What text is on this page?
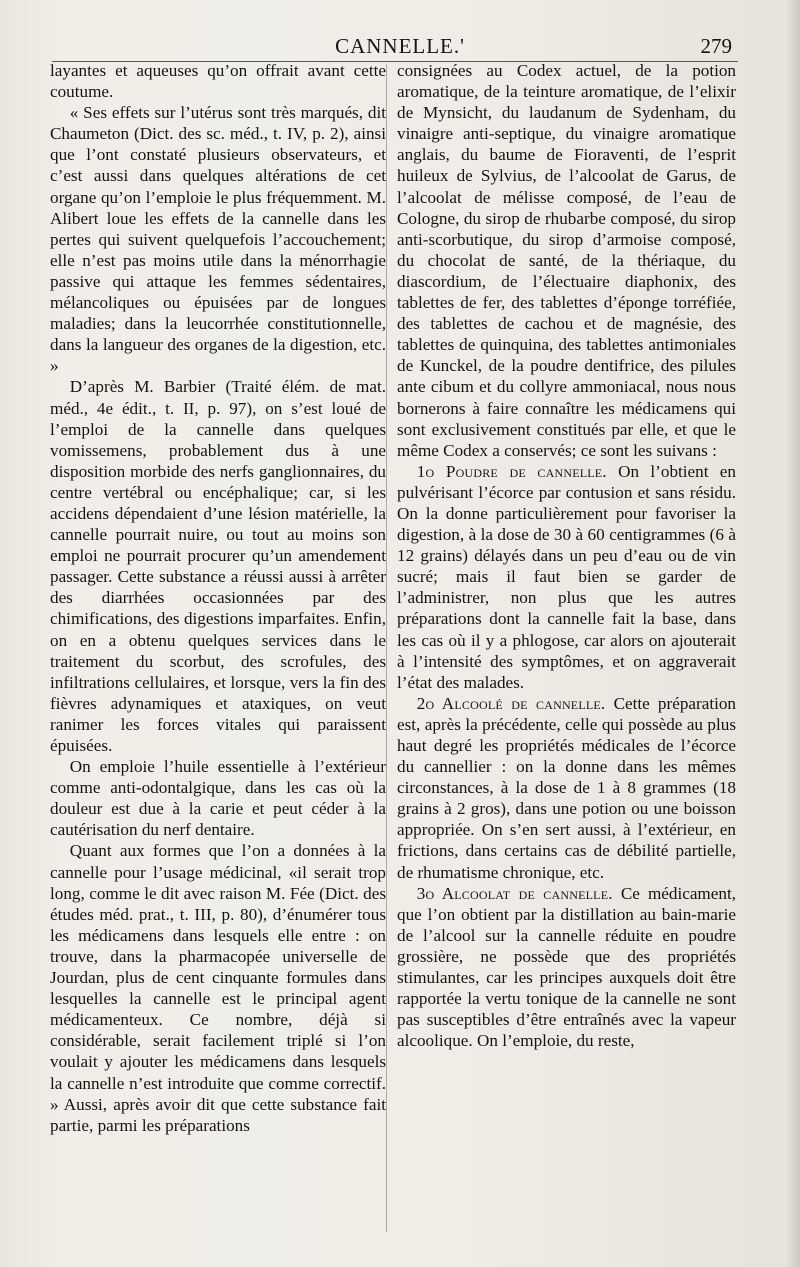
CANNELLE.'	279

layantes et aqueuses qu’on offrait avant cette coutume.

« Ses effets sur l’utérus sont très marqués, dit Chaumeton (Dict. des sc. méd., t. IV, p. 2), ainsi que l’ont constaté plusieurs observateurs, et c’est aussi dans quelques altérations de cet organe qu’on l’emploie le plus fréquemment. M. Alibert loue les effets de la cannelle dans les pertes qui suivent quelquefois l’accouchement; elle n’est pas moins utile dans la ménorrhagie passive qui attaque les femmes sédentaires, mélancoliques ou épuisées par de longues maladies; dans la leucorrhée constitutionnelle, dans la langueur des organes de la digestion, etc. »

D’après M. Barbier (Traité élém. de mat. méd., 4e édit., t. II, p. 97), on s’est loué de l’emploi de la cannelle dans quelques vomissemens, probablement dus à une disposition morbide des nerfs ganglionnaires, du centre vertébral ou encéphalique; car, si les accidens dépendaient d’une lésion matérielle, la cannelle pourrait nuire, ou tout au moins son emploi ne pourrait procurer qu’un amendement passager. Cette substance a réussi aussi à arrêter des diarrhées occasionnées par des chimifications, des digestions imparfaites. Enfin, on en a obtenu quelques services dans le traitement du scorbut, des scrofules, des infiltrations cellulaires, et lorsque, vers la fin des fièvres adynamiques et ataxiques, on veut ranimer les forces vitales qui paraissent épuisées.

On emploie l’huile essentielle à l’extérieur comme anti-odontalgique, dans les cas où la douleur est due à la carie et peut céder à la cautérisation du nerf dentaire.

Quant aux formes que l’on a données à la cannelle pour l’usage médicinal, «il serait trop long, comme le dit avec raison M. Fée (Dict. des études méd. prat., t. III, p. 80), d’énumérer tous les médicamens dans lesquels elle entre : on trouve, dans la pharmacopée universelle de Jourdan, plus de cent cinquante formules dans lesquelles la cannelle est le principal agent médicamenteux. Ce nombre, déjà si considérable, serait facilement triplé si l’on voulait y ajouter les médicamens dans lesquels la cannelle n’est introduite que comme correctif. » Aussi, après avoir dit que cette substance fait partie, parmi les préparations

consignées au Codex actuel, de la potion aromatique, de la teinture aromatique, de l’elixir de Mynsicht, du laudanum de Sydenham, du vinaigre anti-septique, du vinaigre aromatique anglais, du baume de Fioraventi, de l’esprit huileux de Sylvius, de l’alcoolat de Garus, de l’alcoolat de mélisse composé, de l’eau de Cologne, du sirop de rhubarbe composé, du sirop anti-scorbutique, du sirop d’armoise composé, du chocolat de santé, de la thériaque, du diascordium, de l’électuaire diaphonix, des tablettes de fer, des tablettes d’éponge torréfiée, des tablettes de cachou et de magnésie, des tablettes de quinquina, des tablettes antimoniales de Kunckel, de la poudre dentifrice, des pilules ante cibum et du collyre ammoniacal, nous nous bornerons à faire connaître les médicamens qui sont exclusivement constitués par elle, et que le même Codex a conservés; ce sont les suivans :

1o Poudre de cannelle. On l’obtient en pulvérisant l’écorce par contusion et sans résidu. On la donne particulièrement pour favoriser la digestion, à la dose de 30 à 60 centigrammes (6 à 12 grains) délayés dans un peu d’eau ou de vin sucré; mais il faut bien se garder de l’administrer, non plus que les autres préparations dont la cannelle fait la base, dans les cas où il y a phlogose, car alors on ajouterait à l’intensité des symptômes, et on aggraverait l’état des malades.

2o Alcoolé de cannelle. Cette préparation est, après la précédente, celle qui possède au plus haut degré les propriétés médicales de l’écorce du cannellier : on la donne dans les mêmes circonstances, à la dose de 1 à 8 grammes (18 grains à 2 gros), dans une potion ou une boisson appropriée. On s’en sert aussi, à l’extérieur, en frictions, dans certains cas de débilité partielle, de rhumatisme chronique, etc.

3o Alcoolat de cannelle. Ce médicament, que l’on obtient par la distillation au bain-marie de l’alcool sur la cannelle réduite en poudre grossière, ne possède que des propriétés stimulantes, car les principes auxquels doit être rapportée la vertu tonique de la cannelle ne sont pas susceptibles d’être entraînés avec la vapeur alcoolique. On l’emploie, du reste,
